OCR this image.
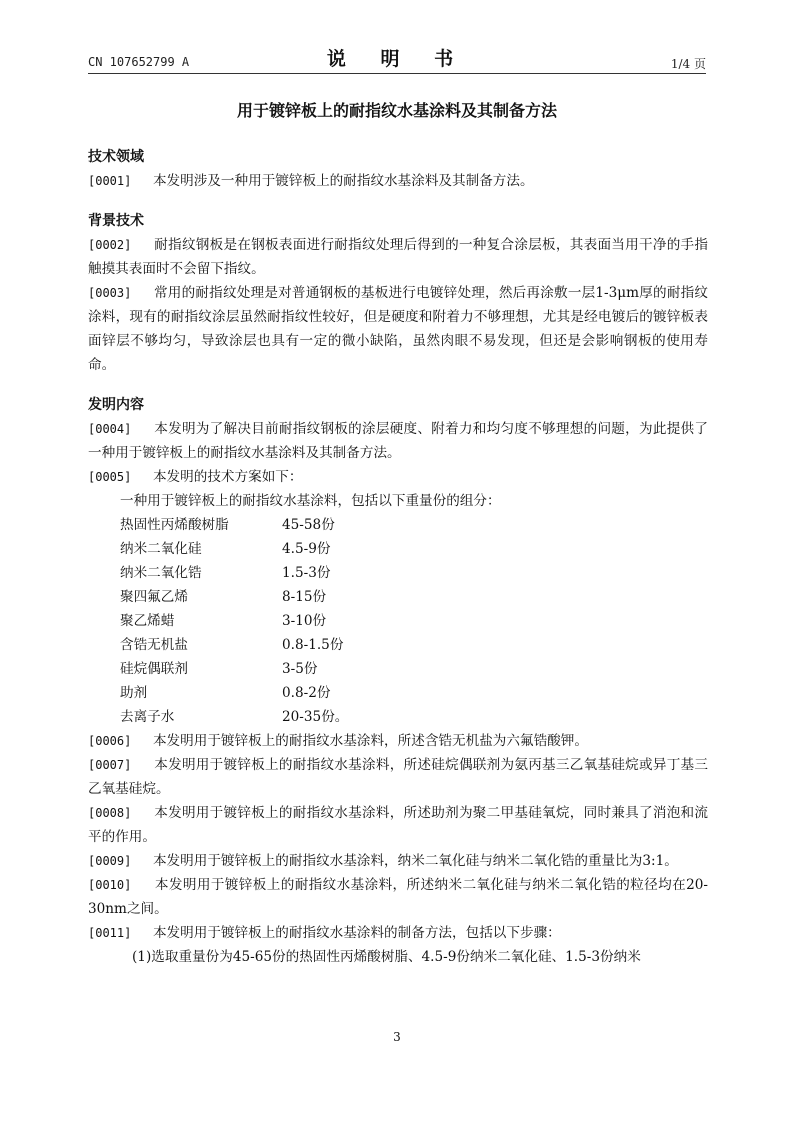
CN 107652799 A	说 明 书	1/4 页
用于镀锌板上的耐指纹水基涂料及其制备方法
技术领域
[0001] 本发明涉及一种用于镀锌板上的耐指纹水基涂料及其制备方法。
背景技术
[0002] 耐指纹钢板是在钢板表面进行耐指纹处理后得到的一种复合涂层板，其表面当用干净的手指触摸其表面时不会留下指纹。
[0003] 常用的耐指纹处理是对普通钢板的基板进行电镀锌处理，然后再涂敷一层1-3μm厚的耐指纹涂料，现有的耐指纹涂层虽然耐指纹性较好，但是硬度和附着力不够理想，尤其是经电镀后的镀锌板表面锌层不够均匀，导致涂层也具有一定的微小缺陷，虽然肉眼不易发现，但还是会影响钢板的使用寿命。
发明内容
[0004] 本发明为了解决目前耐指纹钢板的涂层硬度、附着力和均匀度不够理想的问题，为此提供了一种用于镀锌板上的耐指纹水基涂料及其制备方法。
[0005] 本发明的技术方案如下：
一种用于镀锌板上的耐指纹水基涂料，包括以下重量份的组分：
热固性丙烯酸树脂	45-58份
纳米二氧化硅	4.5-9份
纳米二氧化锆	1.5-3份
聚四氟乙烯	8-15份
聚乙烯蜡	3-10份
含锆无机盐	0.8-1.5份
硅烷偶联剂	3-5份
助剂	0.8-2份
去离子水	20-35份。
[0006] 本发明用于镀锌板上的耐指纹水基涂料，所述含锆无机盐为六氟锆酸钾。
[0007] 本发明用于镀锌板上的耐指纹水基涂料，所述硅烷偶联剂为氨丙基三乙氧基硅烷或异丁基三乙氧基硅烷。
[0008] 本发明用于镀锌板上的耐指纹水基涂料，所述助剂为聚二甲基硅氧烷，同时兼具了消泡和流平的作用。
[0009] 本发明用于镀锌板上的耐指纹水基涂料，纳米二氧化硅与纳米二氧化锆的重量比为3:1。
[0010] 本发明用于镀锌板上的耐指纹水基涂料，所述纳米二氧化硅与纳米二氧化锆的粒径均在20-30nm之间。
[0011] 本发明用于镀锌板上的耐指纹水基涂料的制备方法，包括以下步骤：
(1)选取重量份为45-65份的热固性丙烯酸树脂、4.5-9份纳米二氧化硅、1.5-3份纳米
3
